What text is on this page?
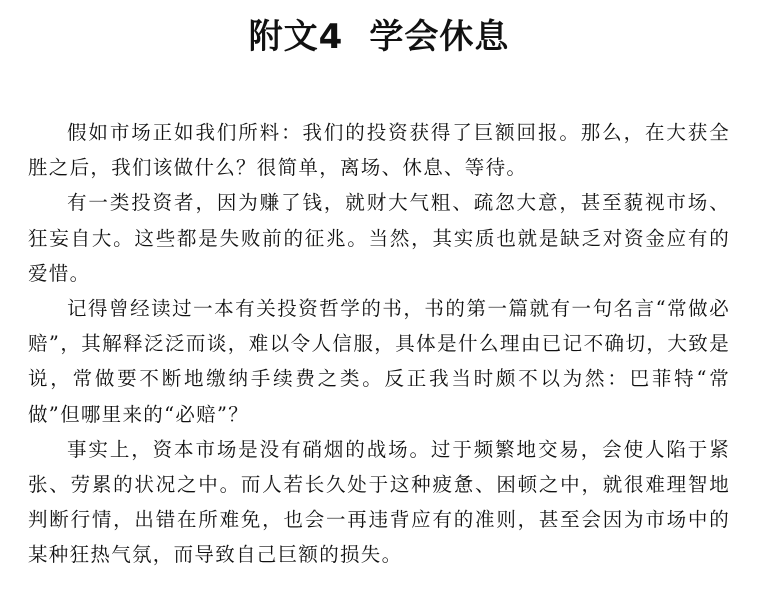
附文4 学会休息

假如市场正如我们所料：我们的投资获得了巨额回报。那么，在大获全胜之后，我们该做什么？很简单，离场、休息、等待。

有一类投资者，因为赚了钱，就财大气粗、疏忽大意，甚至藐视市场、狂妄自大。这些都是失败前的征兆。当然，其实质也就是缺乏对资金应有的爱惜。

记得曾经读过一本有关投资哲学的书，书的第一篇就有一句名言“常做必赔”，其解释泛泛而谈，难以令人信服，具体是什么理由已记不确切，大致是说，常做要不断地缴纳手续费之类。反正我当时颇不以为然：巴菲特“常做”但哪里来的“必赔”？

事实上，资本市场是没有硝烟的战场。过于频繁地交易，会使人陷于紧张、劳累的状况之中。而人若长久处于这种疲惫、困顿之中，就很难理智地判断行情，出错在所难免，也会一再违背应有的准则，甚至会因为市场中的某种狂热气氛，而导致自己巨额的损失。
